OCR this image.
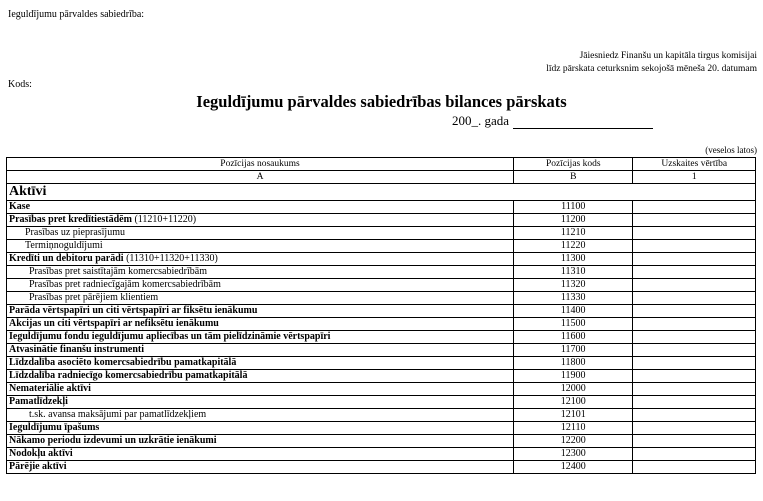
Ieguldījumu pārvaldes sabiedrība:
Jāiesniedz Finanšu un kapitāla tirgus komisijai
līdz pārskata ceturksnim sekojošā mēneša 20. datumam
Kods:
Ieguldījumu pārvaldes sabiedrības bilances pārskats
200_. gada
(veselos latos)
Pozīcijas nosaukums	Pozīcijas kods	Uzskaites vērtība
A	B	1
Aktīvi		
Kase	11100	
Prasības pret kredītiestādēm (11210+11220)	11200	
Prasības uz pieprasījumu	11210	
Termiņnoguldījumi	11220	
Kredīti un debitoru parādi (11310+11320+11330)	11300	
Prasības pret saistītajām komercsabiedrībām	11310	
Prasības pret radniecīgajām komercsabiedrībām	11320	
Prasības pret pārējiem klientiem	11330	
Parāda vērtspapīri un citi vērtspapīri ar fiksētu ienākumu	11400	
Akcijas un citi vērtspapīri ar nefiksētu ienākumu	11500	
Ieguldījumu fondu ieguldījumu apliecības un tām pielīdzināmie vērtspapīri	11600	
Atvasinātie finanšu instrumenti	11700	
Līdzdalība asociēto komercsabiedrību pamatkapitālā	11800	
Līdzdalība radniecīgo komercsabiedrību pamatkapitālā	11900	
Nemateriālie aktīvi	12000	
Pamatlīdzekļi	12100	
t.sk. avansa maksājumi par pamatlīdzekļiem	12101	
Ieguldījumu īpašums	12110	
Nākamo periodu izdevumi un uzkrātie ienākumi	12200	
Nodokļu aktīvi	12300	
Pārējie aktīvi	12400	
